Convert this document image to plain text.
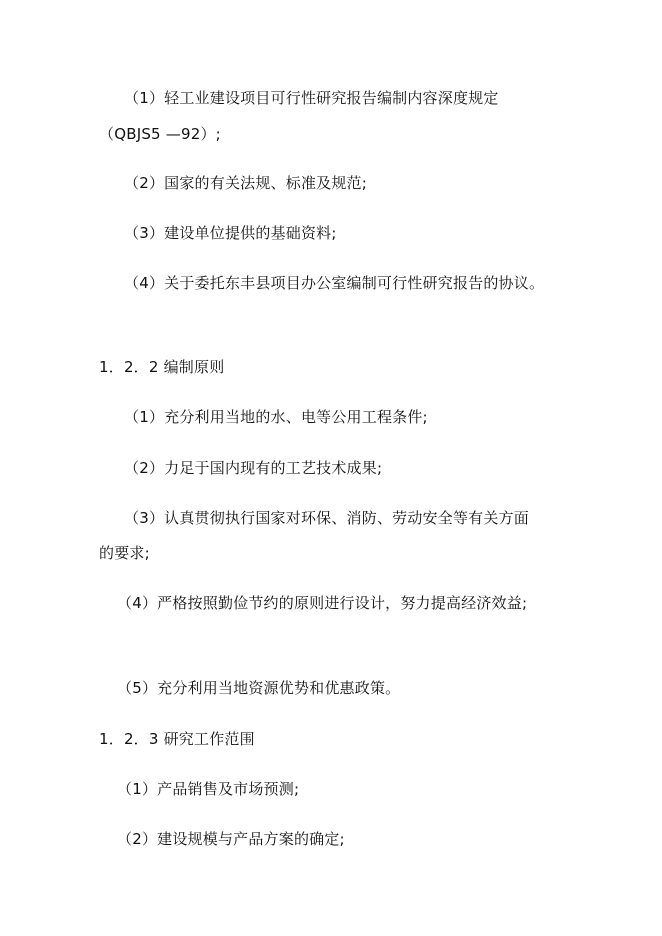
（1）轻工业建设项目可行性研究报告编制内容深度规定
（QBJS5 —92）;
（2）国家的有关法规、标准及规范;
（3）建设单位提供的基础资料;
（4）关于委托东丰县项目办公室编制可行性研究报告的协议。
1．2．2 编制原则
（1）充分利用当地的水、电等公用工程条件;
（2）力足于国内现有的工艺技术成果;
（3）认真贯彻执行国家对环保、消防、劳动安全等有关方面
的要求;
（4）严格按照勤俭节约的原则进行设计，努力提高经济效益;
（5）充分利用当地资源优势和优惠政策。
1．2．3 研究工作范围
（1）产品销售及市场预测;
（2）建设规模与产品方案的确定;
